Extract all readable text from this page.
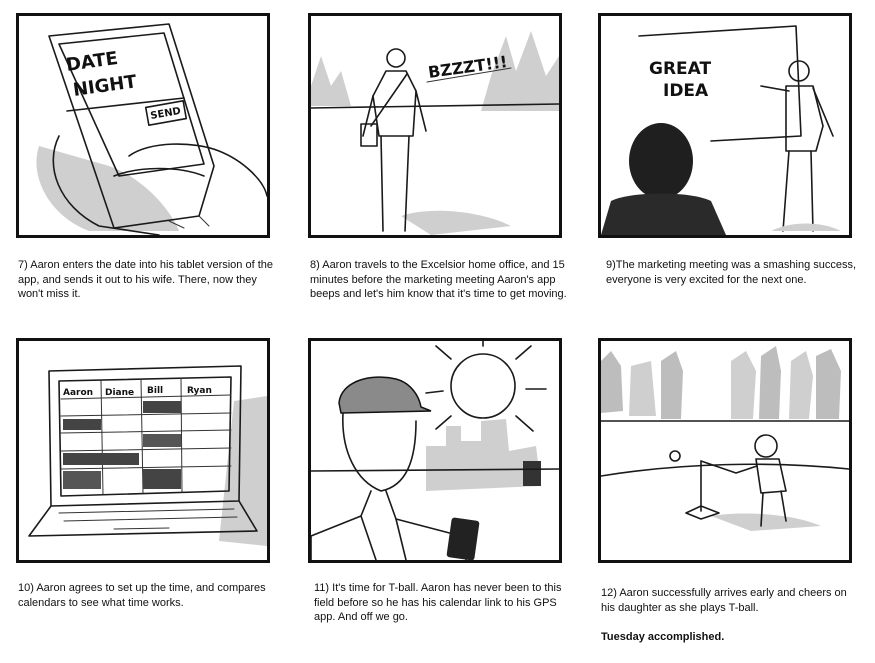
DATE
NIGHT
SEND

7) Aaron enters the date into his tablet version of the app, and sends it out to his wife. There, now they won't miss it.

BZZZT!!!

8) Aaron travels to the Excelsior home office, and 15 minutes before the marketing meeting Aaron's app beeps and let's him know that it's time to get moving.

GREAT
IDEA

9)The marketing meeting was a smashing success, everyone is very excited for the next one.

Aaron Diane Bill	Ryan

10) Aaron agrees to set up the time, and compares calendars to see what time works.

11) It's time for T-ball. Aaron has never been to this field before so he has his calendar link to his GPS app. And off we go.

12) Aaron successfully arrives early and cheers on his daughter as she plays T-ball.
Tuesday accomplished.
